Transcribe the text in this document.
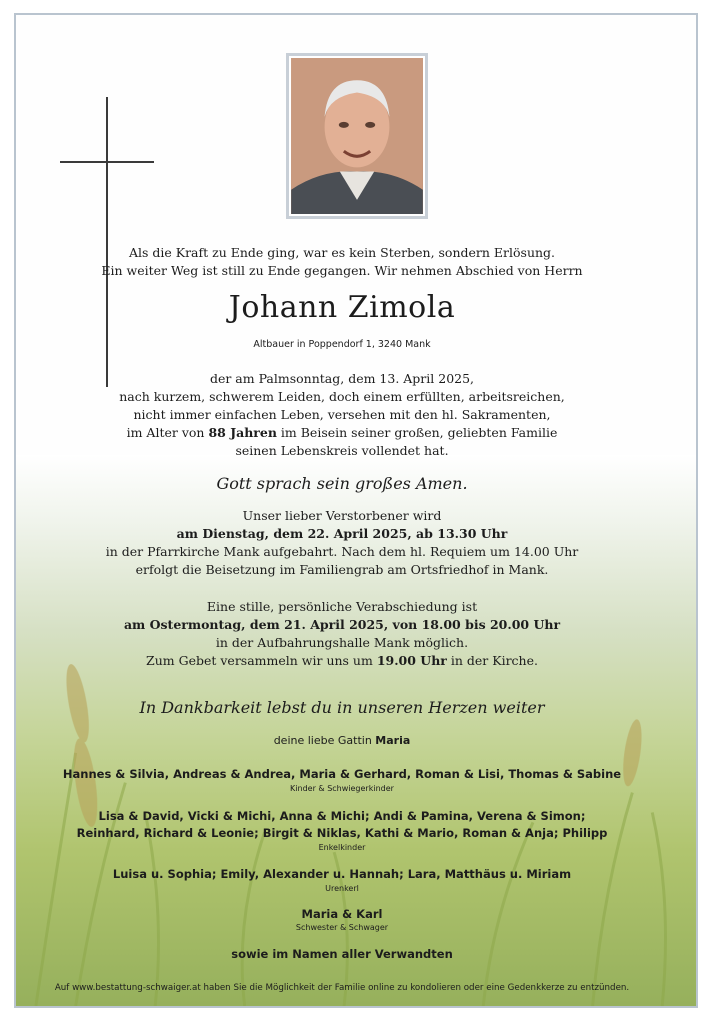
Als die Kraft zu Ende ging, war es kein Sterben, sondern Erlösung.
Ein weiter Weg ist still zu Ende gegangen. Wir nehmen Abschied von Herrn
Johann Zimola
Altbauer in Poppendorf 1, 3240 Mank
der am Palmsonntag, dem 13. April 2025,
nach kurzem, schwerem Leiden, doch einem erfüllten, arbeitsreichen,
nicht immer einfachen Leben, versehen mit den hl. Sakramenten,
im Alter von 88 Jahren im Beisein seiner großen, geliebten Familie
seinen Lebenskreis vollendet hat.
Gott sprach sein großes Amen.
Unser lieber Verstorbener wird
am Dienstag, dem 22. April 2025, ab 13.30 Uhr
in der Pfarrkirche Mank aufgebahrt. Nach dem hl. Requiem um 14.00 Uhr
erfolgt die Beisetzung im Familiengrab am Ortsfriedhof in Mank.
Eine stille, persönliche Verabschiedung ist
am Ostermontag, dem 21. April 2025, von 18.00 bis 20.00 Uhr
in der Aufbahrungshalle Mank möglich.
Zum Gebet versammeln wir uns um 19.00 Uhr in der Kirche.
In Dankbarkeit lebst du in unseren Herzen weiter
deine liebe Gattin Maria
Hannes & Silvia, Andreas & Andrea, Maria & Gerhard, Roman & Lisi, Thomas & Sabine
Kinder & Schwiegerkinder
Lisa & David, Vicki & Michi, Anna & Michi; Andi & Pamina, Verena & Simon;
Reinhard, Richard & Leonie; Birgit & Niklas, Kathi & Mario, Roman & Anja; Philipp
Enkelkinder
Luisa u. Sophia; Emily, Alexander u. Hannah; Lara, Matthäus u. Miriam
Urenkerl
Maria & Karl
Schwester & Schwager
sowie im Namen aller Verwandten
Auf www.bestattung-schwaiger.at haben Sie die Möglichkeit der Familie online zu kondolieren oder eine Gedenkkerze zu entzünden.
